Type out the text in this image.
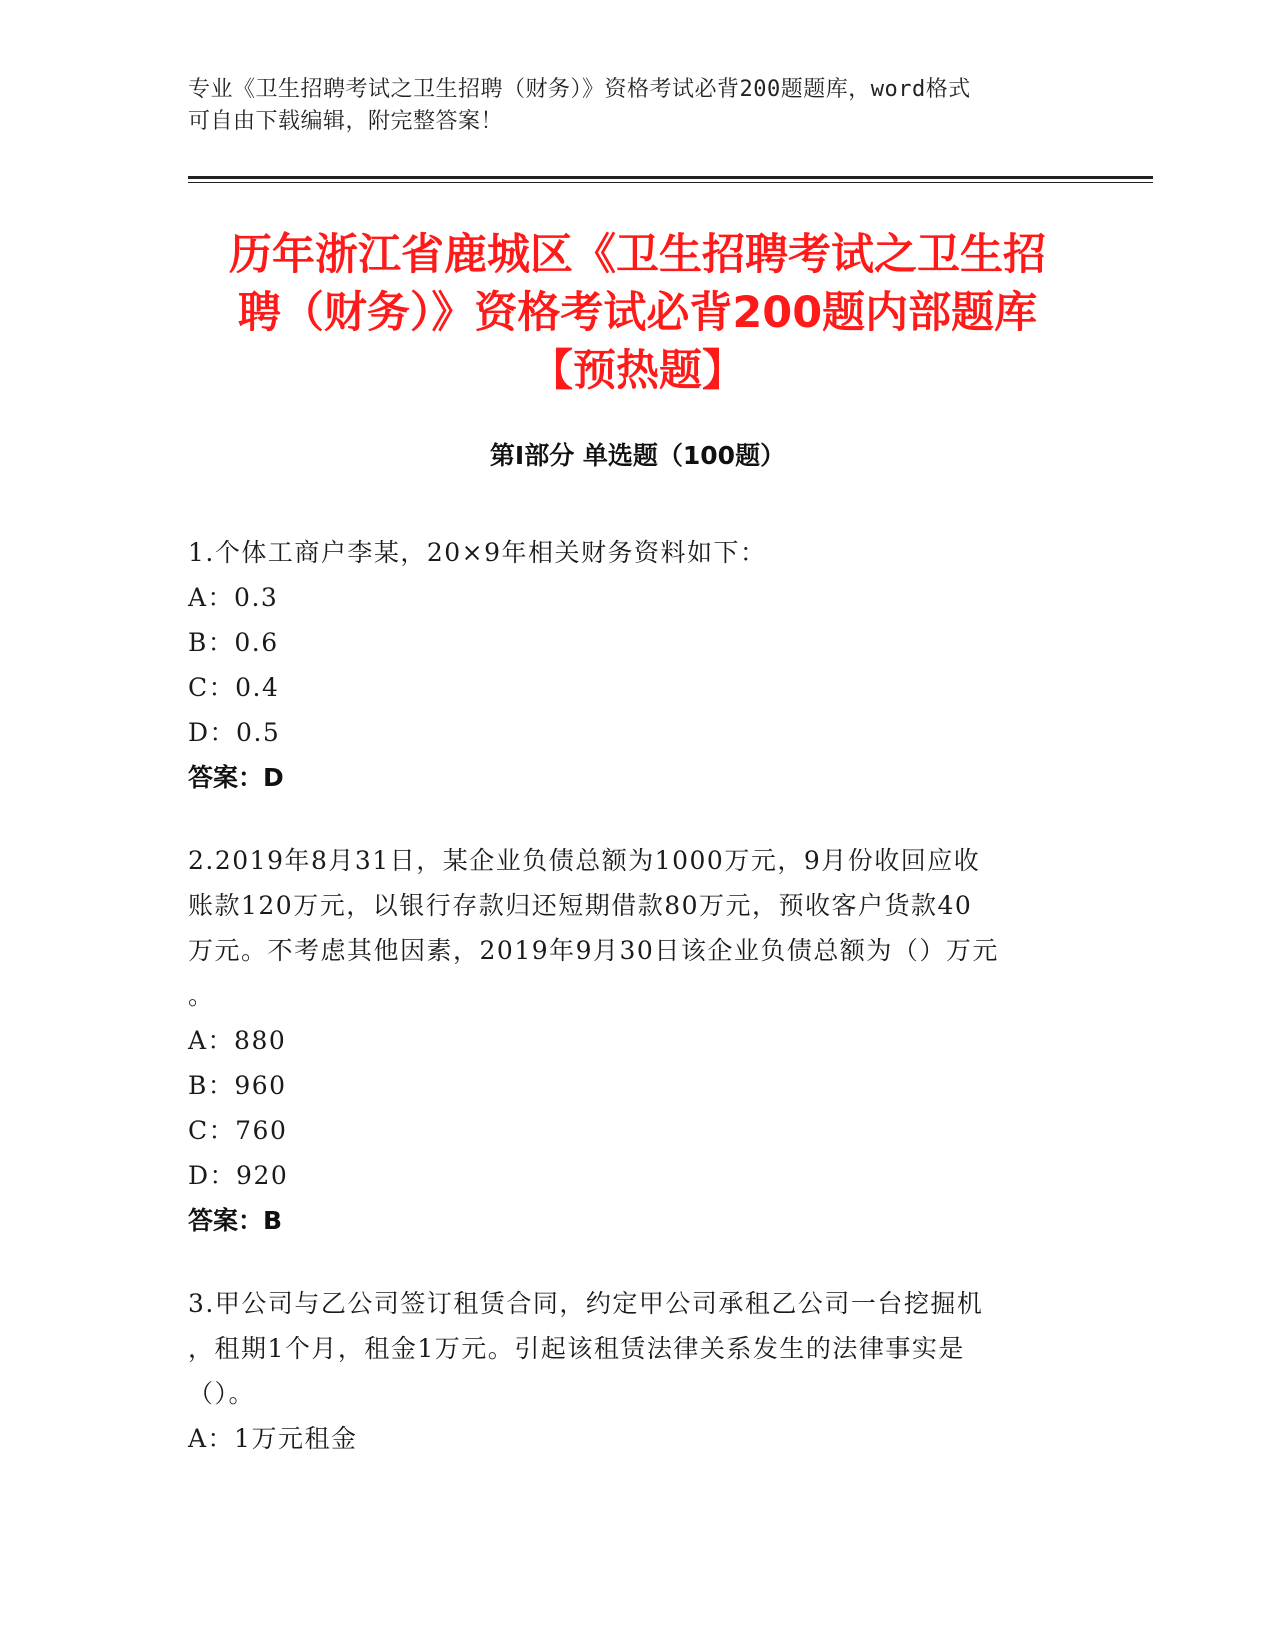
专业《卫生招聘考试之卫生招聘（财务）》资格考试必背200题题库，word格式
可自由下载编辑，附完整答案！
历年浙江省鹿城区《卫生招聘考试之卫生招
聘（财务）》资格考试必背200题内部题库
【预热题】
第Ⅰ部分 单选题（100题）
1.个体工商户李某，20×9年相关财务资料如下：
A：0.3
B：0.6
C：0.4
D：0.5
答案：D
2.2019年8月31日，某企业负债总额为1000万元，9月份收回应收
账款120万元，以银行存款归还短期借款80万元，预收客户货款40
万元。不考虑其他因素，2019年9月30日该企业负债总额为（）万元
。
A：880
B：960
C：760
D：920
答案：B
3.甲公司与乙公司签订租赁合同，约定甲公司承租乙公司一台挖掘机
，租期1个月，租金1万元。引起该租赁法律关系发生的法律事实是
（）。
A：1万元租金
